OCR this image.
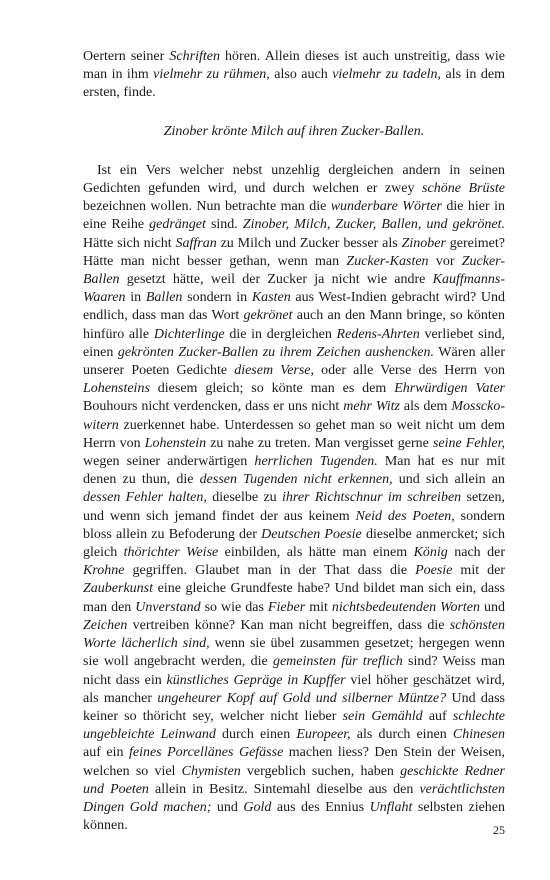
Oertern seiner Schriften hören. Allein dieses ist auch unstreitig, dass wie man in ihm vielmehr zu rühmen, also auch vielmehr zu tadeln, als in dem ersten, finde.

Zinober krönte Milch auf ihren Zucker-Ballen.

Ist ein Vers welcher nebst unzehlig dergleichen andern in seinen Gedichten gefunden wird, und durch welchen er zwey schöne Brüste bezeichnen wollen. Nun betrachte man die wunderbare Wörter die hier in eine Reihe gedränget sind. Zinober, Milch, Zucker, Ballen, und gekrönet. Hätte sich nicht Saffran zu Milch und Zucker besser als Zinober gereimet? Hätte man nicht besser gethan, wenn man Zucker-Kasten vor Zucker-Ballen gesetzt hätte, weil der Zucker ja nicht wie andre Kauffmanns-Waaren in Ballen sondern in Kasten aus West-Indien gebracht wird? Und endlich, dass man das Wort gekrönet auch an den Mann bringe, so könten hinfüro alle Dichterlinge die in dergleichen Redens-Ahrten verliebet sind, einen gekrönten Zucker-Ballen zu ihrem Zeichen aushencken. Wären aller unserer Poeten Gedichte diesem Verse, oder alle Verse des Herrn von Lohensteins diesem gleich; so könte man es dem Ehrwürdigen Vater Bouhours nicht verdencken, dass er uns nicht mehr Witz als dem Mossckowitern zuerkennet habe. Unterdessen so gehet man so weit nicht um dem Herrn von Lohenstein zu nahe zu treten. Man vergisset gerne seine Fehler, wegen seiner anderwärtigen herrlichen Tugenden. Man hat es nur mit denen zu thun, die dessen Tugenden nicht erkennen, und sich allein an dessen Fehler halten, dieselbe zu ihrer Richtschnur im schreiben setzen, und wenn sich jemand findet der aus keinem Neid des Poeten, sondern bloss allein zu Befoderung der Deutschen Poesie dieselbe anmercket; sich gleich thörichter Weise einbilden, als hätte man einem König nach der Krohne gegriffen. Glaubet man in der That dass die Poesie mit der Zauberkunst eine gleiche Grundfeste habe? Und bildet man sich ein, dass man den Unverstand so wie das Fieber mit nichtsbedeutenden Worten und Zeichen vertreiben könne? Kan man nicht begreiffen, dass die schönsten Worte lächerlich sind, wenn sie übel zusammen gesetzet; hergegen wenn sie woll angebracht werden, die gemeinsten für treflich sind? Weiss man nicht dass ein künstliches Gepräge in Kupffer viel höher geschätzet wird, als mancher ungeheurer Kopf auf Gold und silberner Müntze? Und dass keiner so thöricht sey, welcher nicht lieber sein Gemähld auf schlechte ungebleichte Leinwand durch einen Europeer, als durch einen Chinesen auf ein feines Porcellänes Gefässe machen liess? Den Stein der Weisen, welchen so viel Chymisten vergeblich suchen, haben geschickte Redner und Poeten allein in Besitz. Sintemahl dieselbe aus den verächtlichsten Dingen Gold machen; und Gold aus des Ennius Unflaht selbsten ziehen können.	25
